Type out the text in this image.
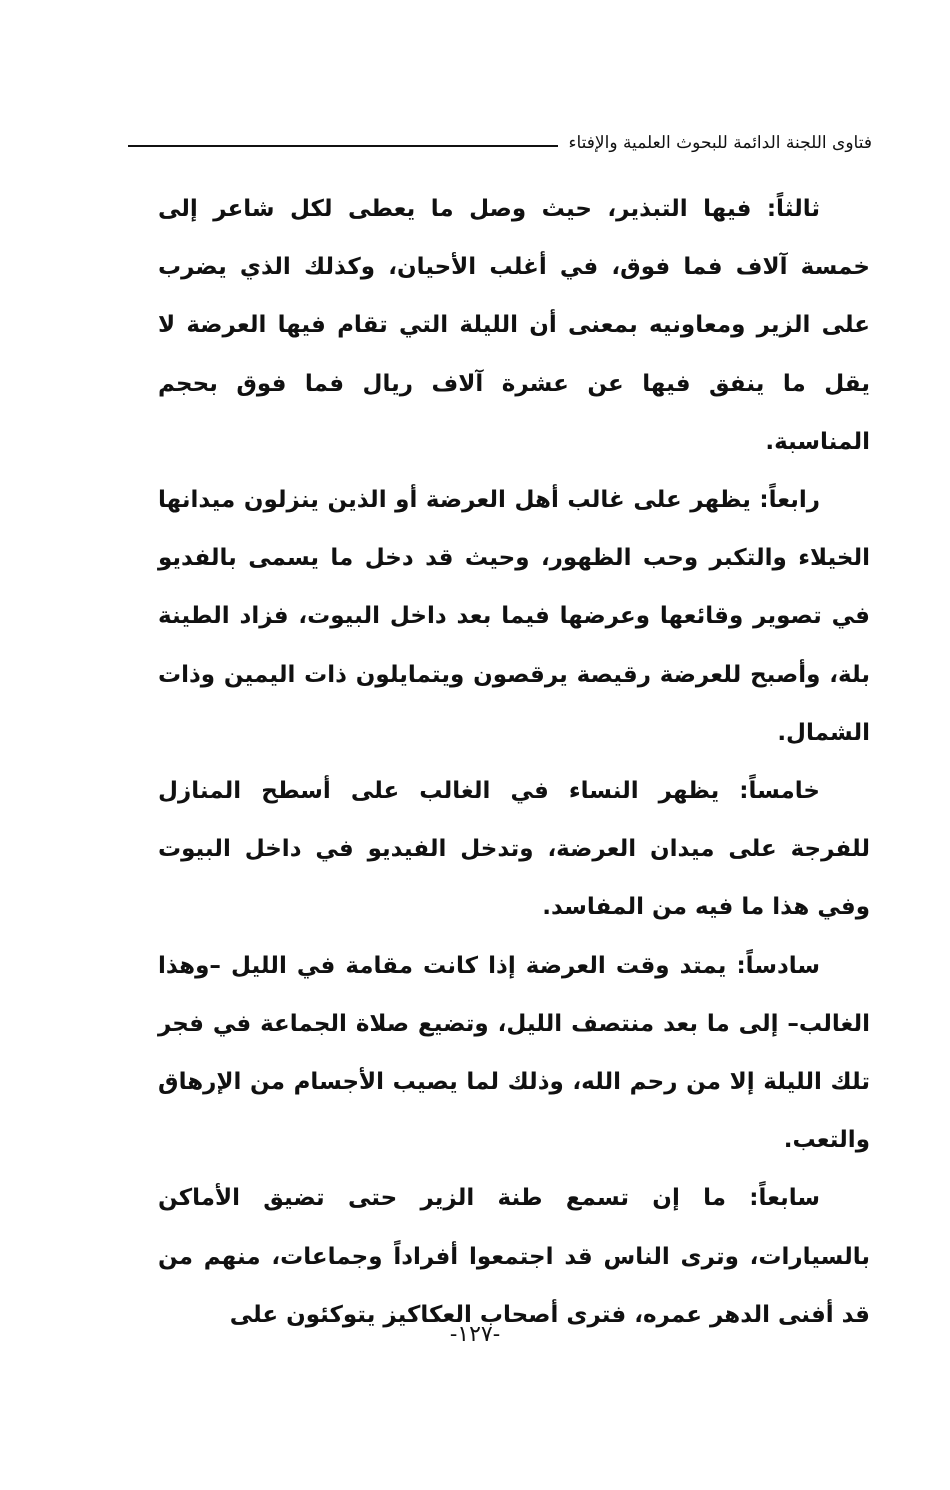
فتاوى اللجنة الدائمة للبحوث العلمية والإفتاء

ثالثاً: فيها التبذير، حيث وصل ما يعطى لكل شاعر إلى خمسة آلاف فما فوق، في أغلب الأحيان، وكذلك الذي يضرب على الزير ومعاونيه بمعنى أن الليلة التي تقام فيها العرضة لا يقل ما ينفق فيها عن عشرة آلاف ريال فما فوق بحجم المناسبة.

رابعاً: يظهر على غالب أهل العرضة أو الذين ينزلون ميدانها الخيلاء والتكبر وحب الظهور، وحيث قد دخل ما يسمى بالفديو في تصوير وقائعها وعرضها فيما بعد داخل البيوت، فزاد الطينة بلة، وأصبح للعرضة رقيصة يرقصون ويتمايلون ذات اليمين وذات الشمال.

خامساً: يظهر النساء في الغالب على أسطح المنازل للفرجة على ميدان العرضة، وتدخل الفيديو في داخل البيوت وفي هذا ما فيه من المفاسد.

سادساً: يمتد وقت العرضة إذا كانت مقامة في الليل –وهذا الغالب– إلى ما بعد منتصف الليل، وتضيع صلاة الجماعة في فجر تلك الليلة إلا من رحم الله، وذلك لما يصيب الأجسام من الإرهاق والتعب.

سابعاً: ما إن تسمع طنة الزير حتى تضيق الأماكن بالسيارات، وترى الناس قد اجتمعوا أفراداً وجماعات، منهم من قد أفنى الدهر عمره، فترى أصحاب العكاكيز يتوكئون على

-١٢٧-
